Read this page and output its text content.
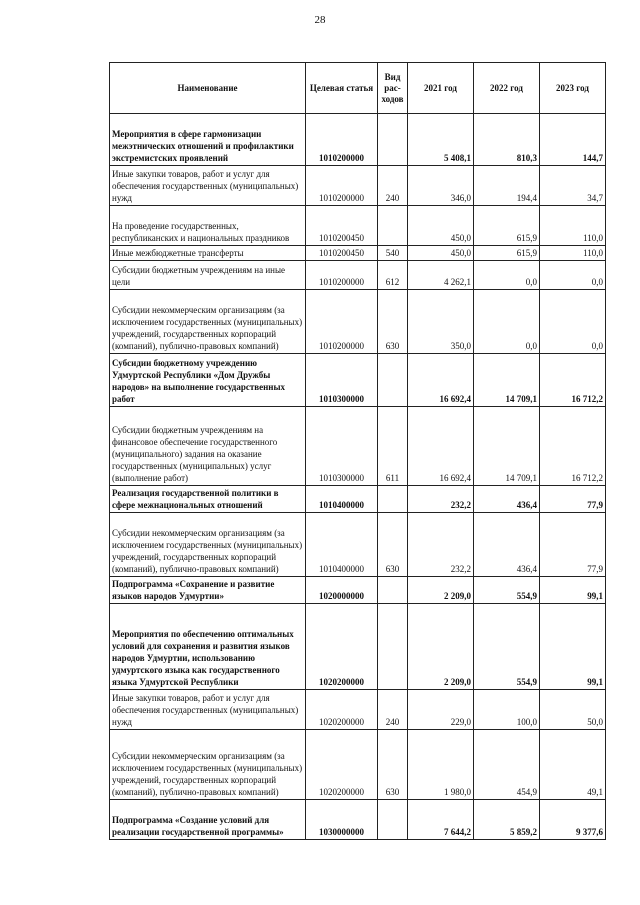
28
Наименование	Целевая статья	Вид рас-ходов	2021 год	2022 год	2023 год
Мероприятия в сфере гармонизации межэтнических отношений и профилактики экстремистских проявлений	1010200000		5 408,1	810,3	144,7
Иные закупки товаров, работ и услуг для обеспечения государственных (муниципальных) нужд	1010200000	240	346,0	194,4	34,7
На проведение государственных, республиканских и национальных праздников	1010200450		450,0	615,9	110,0
Иные межбюджетные трансферты	1010200450	540	450,0	615,9	110,0
Субсидии бюджетным учреждениям на иные цели	1010200000	612	4 262,1	0,0	0,0
Субсидии некоммерческим организациям (за исключением государственных (муниципальных) учреждений, государственных корпораций (компаний), публично-правовых компаний)	1010200000	630	350,0	0,0	0,0
Субсидии бюджетному учреждению Удмуртской Республики «Дом Дружбы народов» на выполнение государственных работ	1010300000		16 692,4	14 709,1	16 712,2
Субсидии бюджетным учреждениям на финансовое обеспечение государственного (муниципального) задания на оказание государственных (муниципальных) услуг (выполнение работ)	1010300000	611	16 692,4	14 709,1	16 712,2
Реализация государственной политики в сфере межнациональных отношений	1010400000		232,2	436,4	77,9
Субсидии некоммерческим организациям (за исключением государственных (муниципальных) учреждений, государственных корпораций (компаний), публично-правовых компаний)	1010400000	630	232,2	436,4	77,9
Подпрограмма «Сохранение и развитие языков народов Удмуртии»	1020000000		2 209,0	554,9	99,1
Мероприятия по обеспечению оптимальных условий для сохранения и развития языков народов Удмуртии, использованию удмуртского языка как государственного языка Удмуртской Республики	1020200000		2 209,0	554,9	99,1
Иные закупки товаров, работ и услуг для обеспечения государственных (муниципальных) нужд	1020200000	240	229,0	100,0	50,0
Субсидии некоммерческим организациям (за исключением государственных (муниципальных) учреждений, государственных корпораций (компаний), публично-правовых компаний)	1020200000	630	1 980,0	454,9	49,1
Подпрограмма «Создание условий для реализации государственной программы»	1030000000		7 644,2	5 859,2	9 377,6
